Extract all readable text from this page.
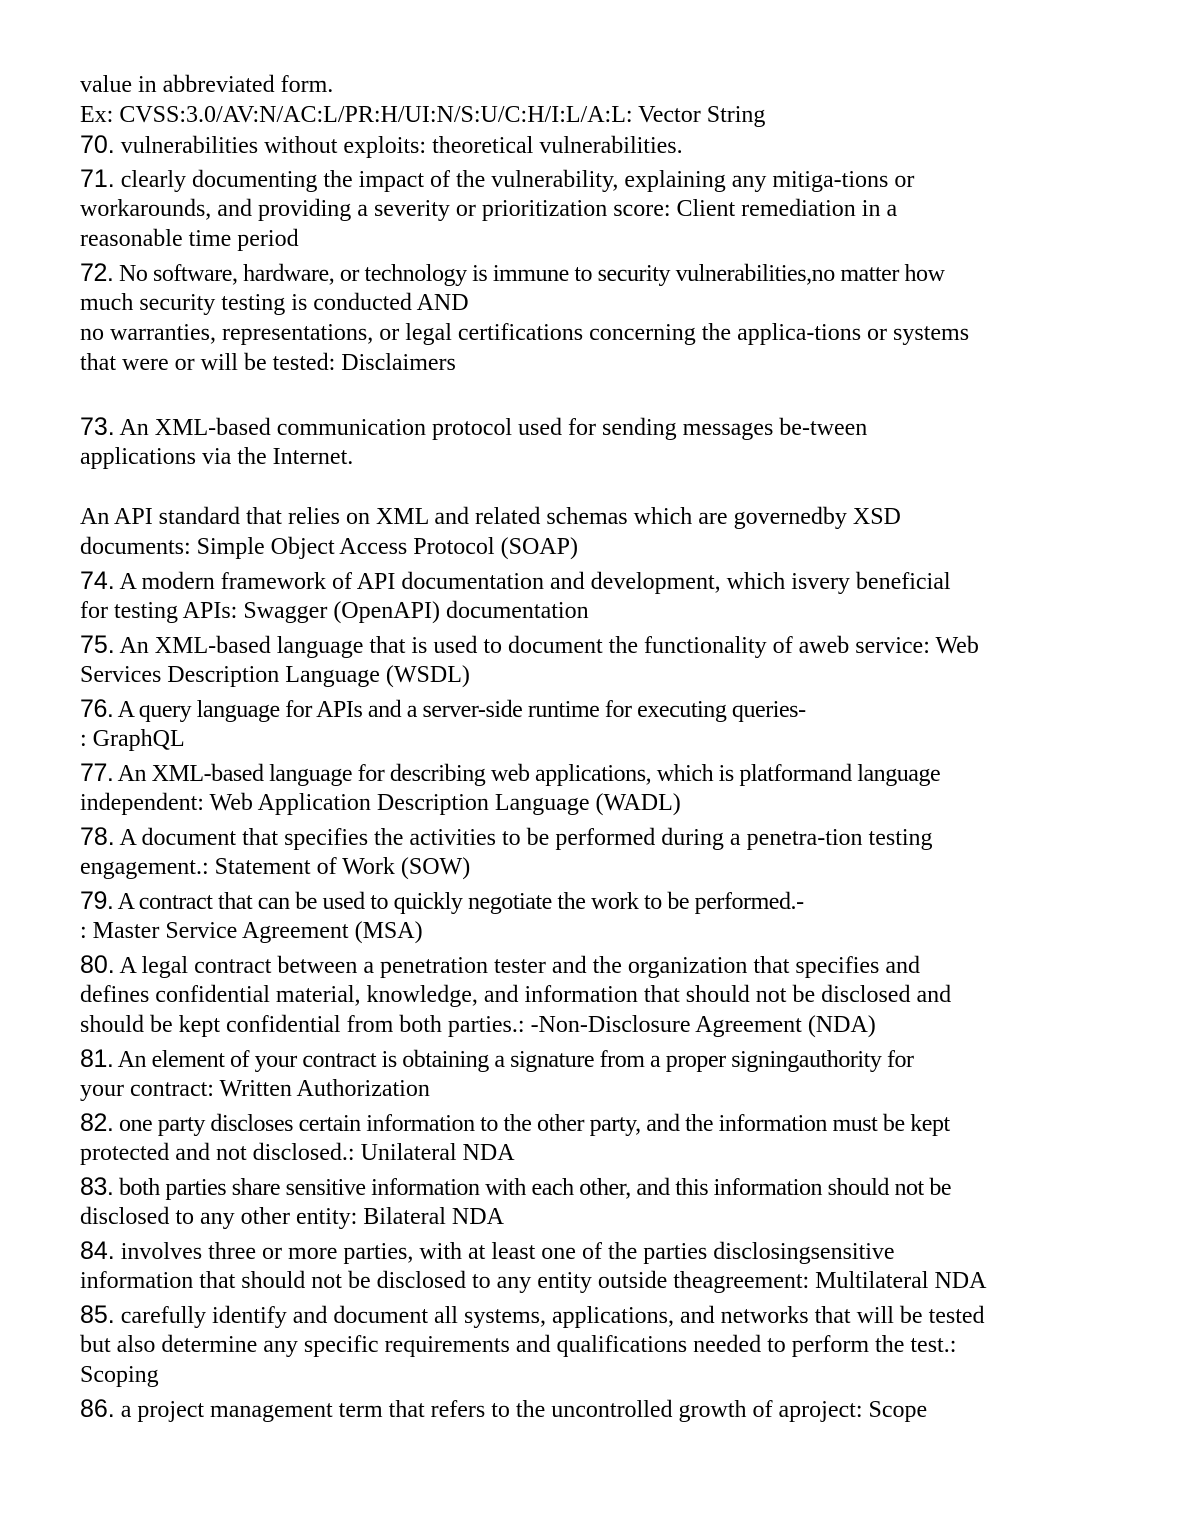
value in abbreviated form.
Ex: CVSS:3.0/AV:N/AC:L/PR:H/UI:N/S:U/C:H/I:L/A:L: Vector String
70. vulnerabilities without exploits: theoretical vulnerabilities.
71. clearly documenting the impact of the vulnerability, explaining any mitiga-tions or
workarounds, and providing a severity or prioritization score: Client remediation in a
reasonable time period
72. No software, hardware, or technology is immune to security vulnerabilities,no matter how
much security testing is conducted AND
no warranties, representations, or legal certifications concerning the applica-tions or systems
that were or will be tested: Disclaimers
73. An XML-based communication protocol used for sending messages be-tween
applications via the Internet.
An API standard that relies on XML and related schemas which are governedby XSD
documents: Simple Object Access Protocol (SOAP)
74. A modern framework of API documentation and development, which isvery beneficial
for testing APIs: Swagger (OpenAPI) documentation
75. An XML-based language that is used to document the functionality of aweb service: Web
Services Description Language (WSDL)
76. A query language for APIs and a server-side runtime for executing queries-
: GraphQL
77. An XML-based language for describing web applications, which is platformand language
independent: Web Application Description Language (WADL)
78. A document that specifies the activities to be performed during a penetra-tion testing
engagement.: Statement of Work (SOW)
79. A contract that can be used to quickly negotiate the work to be performed.-
: Master Service Agreement (MSA)
80. A legal contract between a penetration tester and the organization that specifies and
defines confidential material, knowledge, and information that should not be disclosed and
should be kept confidential from both parties.: -Non-Disclosure Agreement (NDA)
81. An element of your contract is obtaining a signature from a proper signingauthority for
your contract: Written Authorization
82. one party discloses certain information to the other party, and the information must be kept
protected and not disclosed.: Unilateral NDA
83. both parties share sensitive information with each other, and this information should not be
disclosed to any other entity: Bilateral NDA
84. involves three or more parties, with at least one of the parties disclosingsensitive
information that should not be disclosed to any entity outside theagreement: Multilateral NDA
85. carefully identify and document all systems, applications, and networks that will be tested
but also determine any specific requirements and qualifications needed to perform the test.:
Scoping
86. a project management term that refers to the uncontrolled growth of aproject: Scope
